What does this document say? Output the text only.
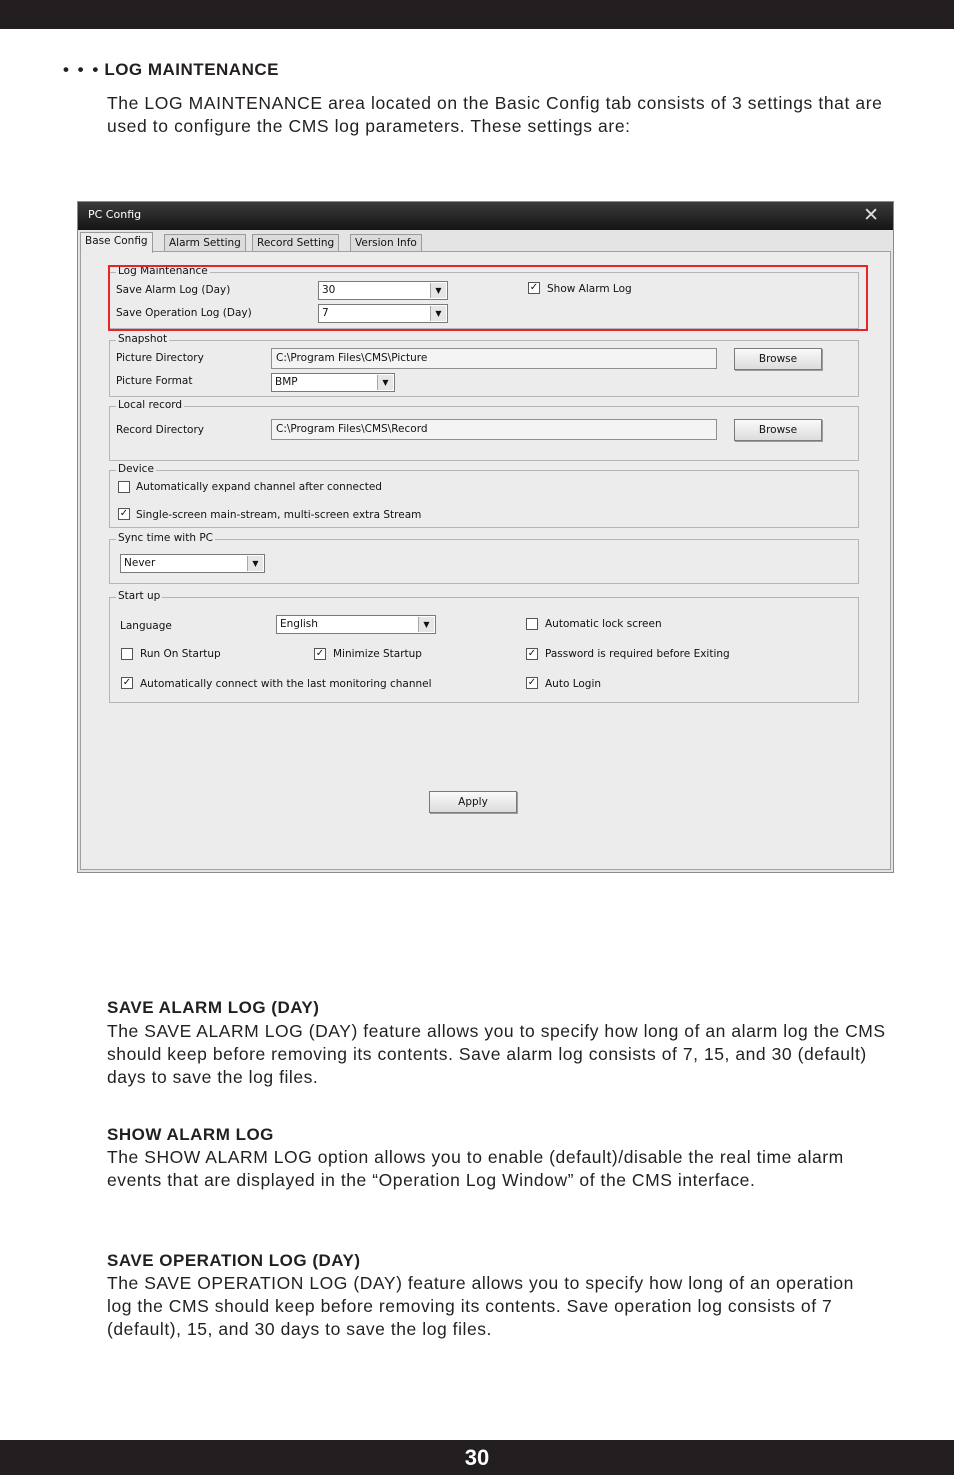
• • • LOG MAINTENANCE
The LOG MAINTENANCE area located on the Basic Config tab consists of 3 settings that are used to configure the CMS log parameters. These settings are:
PC Config	✕
Base Config	Alarm Setting	Record Setting	Version Info
Log Maintenance
Save Alarm Log (Day)	30	▼
Save Operation Log (Day)	7	▼
✓ Show Alarm Log
Snapshot
Picture Directory	C:\Program Files\CMS\Picture	Browse
Picture Format	BMP	▼
Local record
Record Directory	C:\Program Files\CMS\Record	Browse
Device
Automatically expand channel after connected
✓ Single-screen main-stream, multi-screen extra Stream
Sync time with PC
Never	▼
Start up
Language	English	▼	Automatic lock screen
Run On Startup	✓ Minimize Startup	✓ Password is required before Exiting
✓ Automatically connect with the last monitoring channel	✓ Auto Login
Apply
SAVE ALARM LOG (DAY)
The SAVE ALARM LOG (DAY) feature allows you to specify how long of an alarm log the CMS should keep before removing its contents. Save alarm log consists of 7, 15, and 30 (default) days to save the log files.
SHOW ALARM LOG
The SHOW ALARM LOG option allows you to enable (default)/disable the real time alarm events that are displayed in the “Operation Log Window” of the CMS interface.
SAVE OPERATION LOG (DAY)
The SAVE OPERATION LOG (DAY) feature allows you to specify how long of an operation log the CMS should keep before removing its contents. Save operation log consists of 7 (default), 15, and 30 days to save the log files.
30
